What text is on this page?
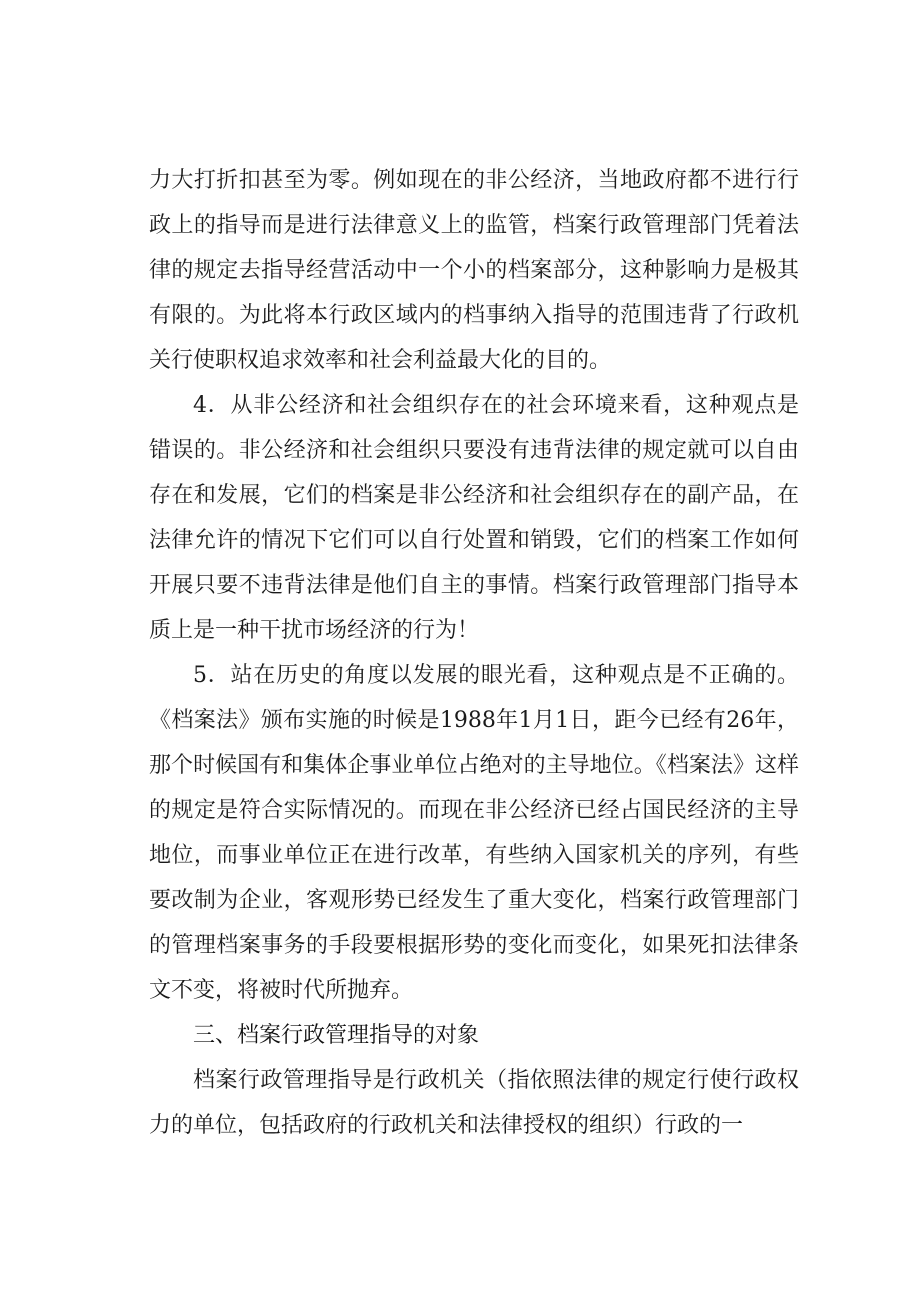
力大打折扣甚至为零。例如现在的非公经济，当地政府都不进行行政上的指导而是进行法律意义上的监管，档案行政管理部门凭着法律的规定去指导经营活动中一个小的档案部分，这种影响力是极其有限的。为此将本行政区域内的档事纳入指导的范围违背了行政机关行使职权追求效率和社会利益最大化的目的。

4．从非公经济和社会组织存在的社会环境来看，这种观点是错误的。非公经济和社会组织只要没有违背法律的规定就可以自由存在和发展，它们的档案是非公经济和社会组织存在的副产品，在法律允许的情况下它们可以自行处置和销毁，它们的档案工作如何开展只要不违背法律是他们自主的事情。档案行政管理部门指导本质上是一种干扰市场经济的行为！

5．站在历史的角度以发展的眼光看，这种观点是不正确的。《档案法》颁布实施的时候是1988年1月1日，距今已经有26年，那个时候国有和集体企事业单位占绝对的主导地位。《档案法》这样的规定是符合实际情况的。而现在非公经济已经占国民经济的主导地位，而事业单位正在进行改革，有些纳入国家机关的序列，有些要改制为企业，客观形势已经发生了重大变化，档案行政管理部门的管理档案事务的手段要根据形势的变化而变化，如果死扣法律条文不变，将被时代所抛弃。

三、档案行政管理指导的对象

档案行政管理指导是行政机关（指依照法律的规定行使行政权力的单位，包括政府的行政机关和法律授权的组织）行政的一
